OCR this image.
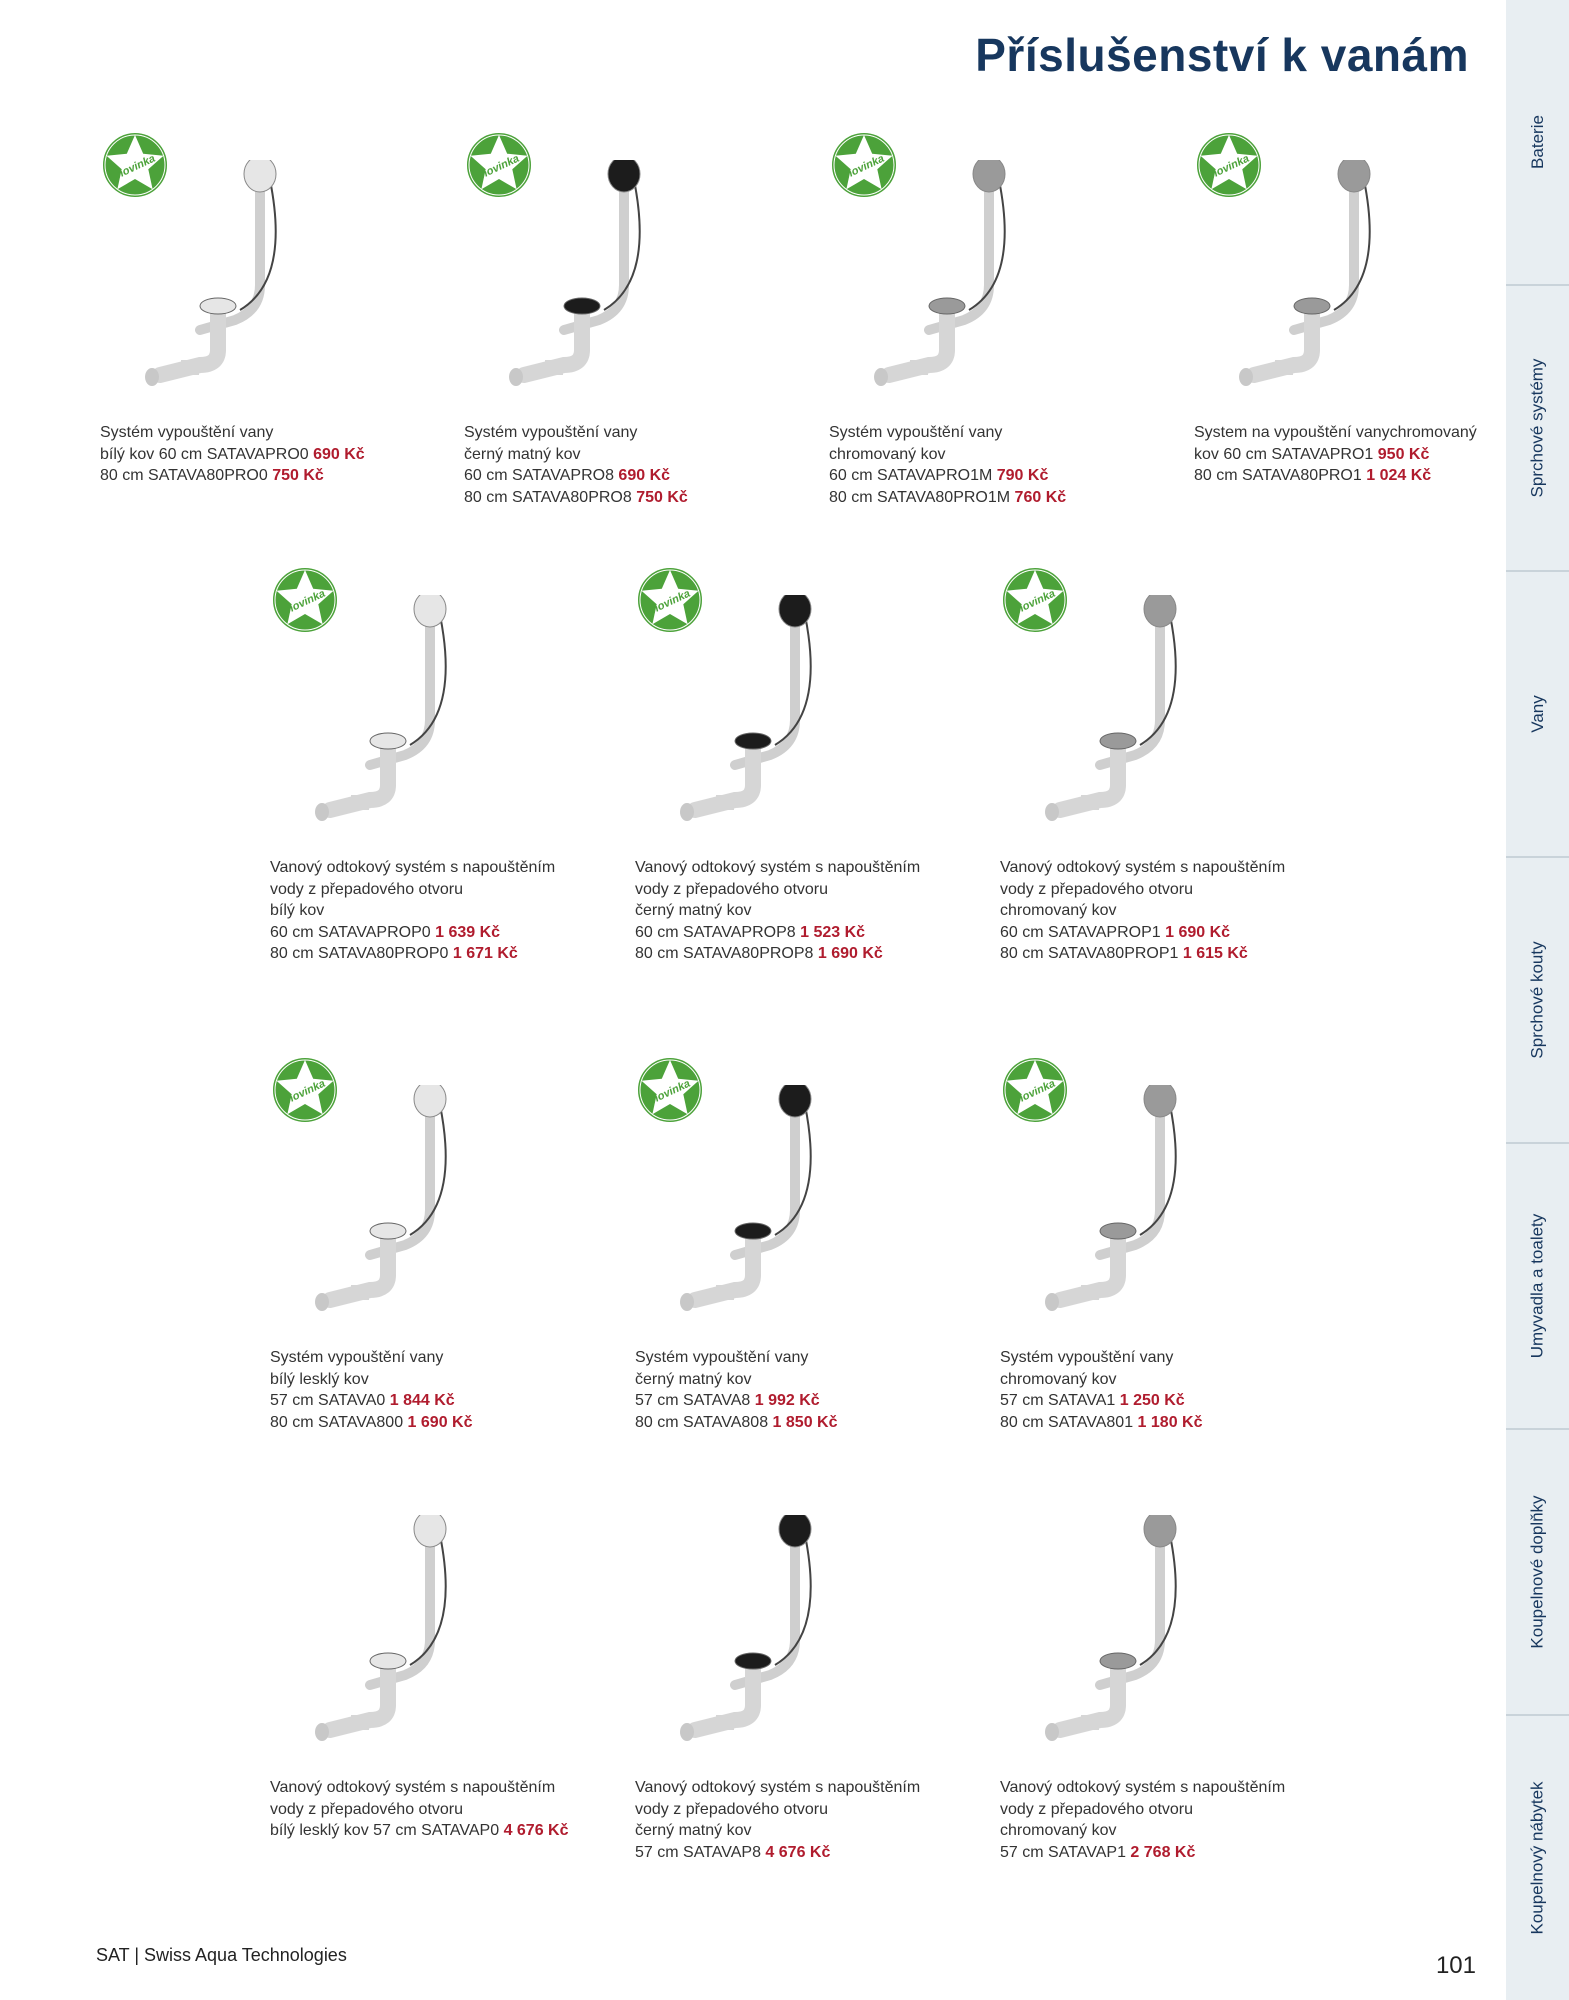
Příslušenství k vanám
Baterie
Sprchové systémy
Vany
Sprchové kouty
Umyvadla a toalety
Koupelnové doplňky
Koupelnový nábytek
novinka
Systém vypouštění vany
bílý kov 60 cm SATAVAPRO0 690 Kč
80 cm SATAVA80PRO0 750 Kč
novinka
Systém vypouštění vany
černý matný kov
60 cm SATAVAPRO8 690 Kč
80 cm SATAVA80PRO8 750 Kč
novinka
Systém vypouštění vany
chromovaný kov
60 cm SATAVAPRO1M 790 Kč
80 cm SATAVA80PRO1M 760 Kč
novinka
System na vypouštění vanychromovaný
kov 60 cm SATAVAPRO1 950 Kč
80 cm SATAVA80PRO1 1 024 Kč
novinka
Vanový odtokový systém s napouštěním
vody z přepadového otvoru
bílý kov
60 cm SATAVAPROP0 1 639 Kč
80 cm SATAVA80PROP0 1 671 Kč
novinka
Vanový odtokový systém s napouštěním
vody z přepadového otvoru
černý matný kov
60 cm SATAVAPROP8 1 523 Kč
80 cm SATAVA80PROP8 1 690 Kč
novinka
Vanový odtokový systém s napouštěním
vody z přepadového otvoru
chromovaný kov
60 cm SATAVAPROP1 1 690 Kč
80 cm SATAVA80PROP1 1 615 Kč
novinka
Systém vypouštění vany
bílý lesklý kov
57 cm SATAVA0 1 844 Kč
80 cm SATAVA800 1 690 Kč
novinka
Systém vypouštění vany
černý matný kov
57 cm SATAVA8 1 992 Kč
80 cm SATAVA808 1 850 Kč
novinka
Systém vypouštění vany
chromovaný kov
57 cm SATAVA1 1 250 Kč
80 cm SATAVA801 1 180 Kč
Vanový odtokový systém s napouštěním
vody z přepadového otvoru
bílý lesklý kov 57 cm SATAVAP0 4 676 Kč
Vanový odtokový systém s napouštěním
vody z přepadového otvoru
černý matný kov
57 cm SATAVAP8 4 676 Kč
Vanový odtokový systém s napouštěním
vody z přepadového otvoru
chromovaný kov
57 cm SATAVAP1 2 768 Kč
SAT | Swiss Aqua Technologies	101
